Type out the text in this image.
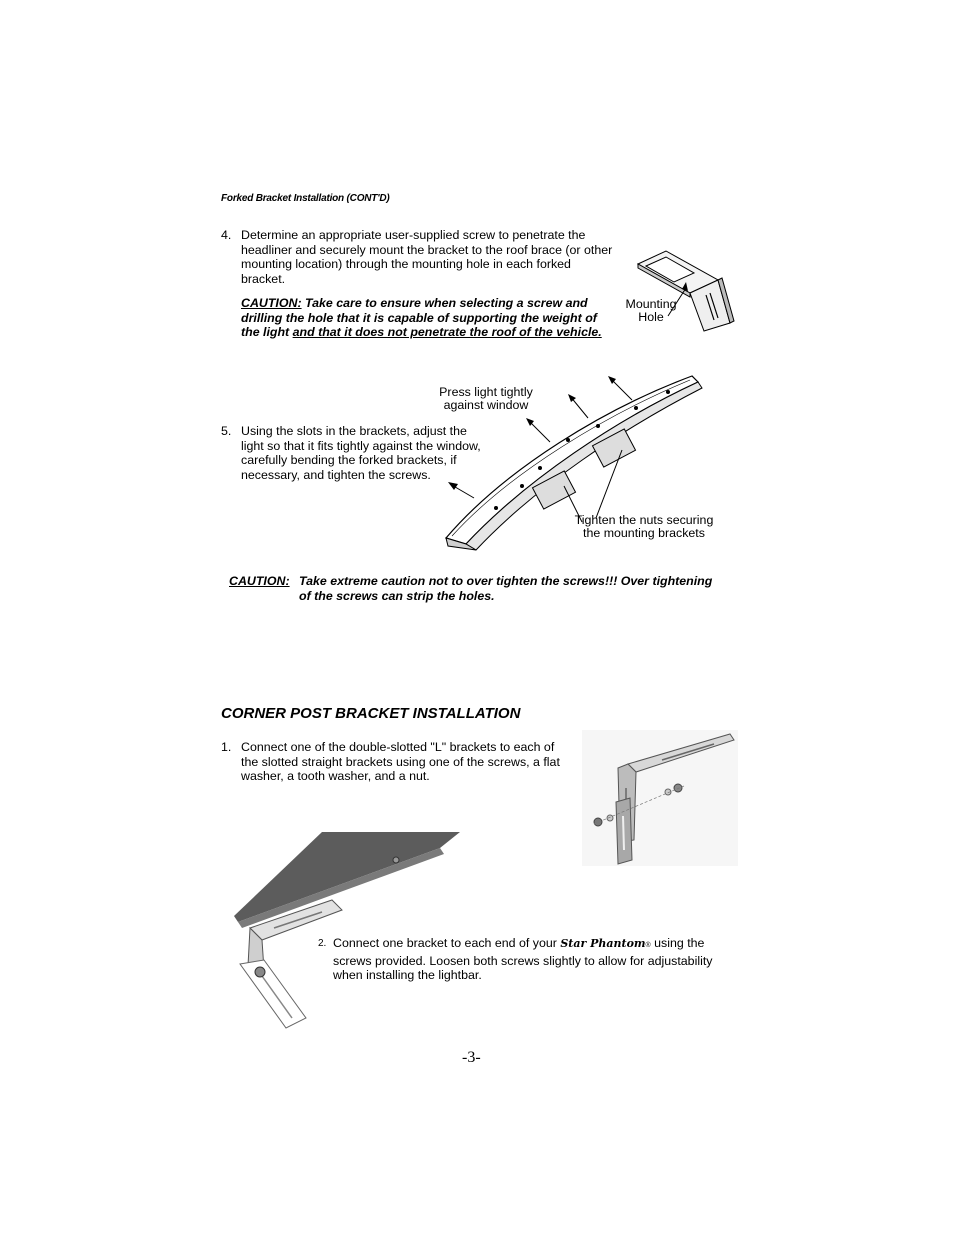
Forked Bracket Installation (CONT'D)
4. Determine an appropriate user-supplied screw to penetrate the headliner and securely mount the bracket to the roof brace (or other mounting location) through the mounting hole in each forked bracket.
CAUTION: Take care to ensure when selecting a screw and drilling the hole that it is capable of supporting the weight of the light and that it does not penetrate the roof of the vehicle.
Mounting
Hole
5. Using the slots in the brackets, adjust the light so that it fits tightly against the window, carefully bending the forked brackets, if necessary, and tighten the screws.
Press light tightly
against window
Tighten the nuts securing
the mounting brackets
CAUTION: Take extreme caution not to over tighten the screws!!! Over tightening of the screws can strip the holes.
CORNER POST BRACKET INSTALLATION
1. Connect one of the double-slotted "L" brackets to each of the slotted straight brackets using one of the screws, a flat washer, a tooth washer, and a nut.
2. Connect one bracket to each end of your Star Phantom® using the screws provided. Loosen both screws slightly to allow for adjustability when installing the lightbar.
-3-
